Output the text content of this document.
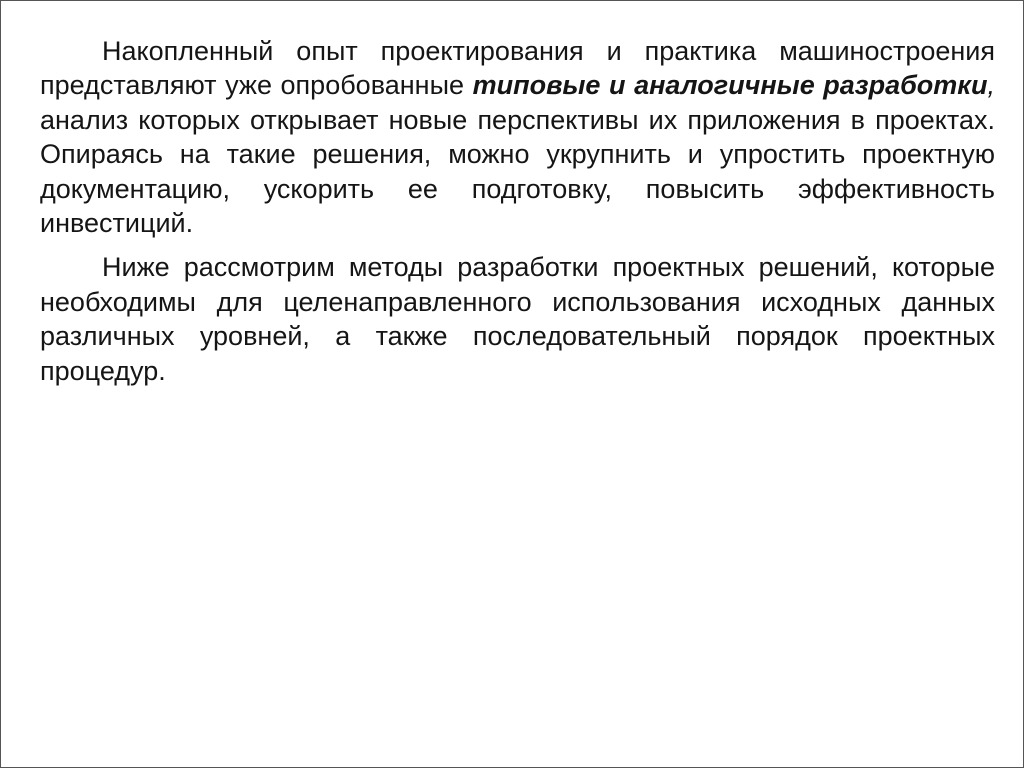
Накопленный опыт проектирования и практика машиностроения представляют уже опробованные типовые и аналогичные разработки, анализ которых открывает новые перспективы их приложения в проектах. Опираясь на такие решения, можно укрупнить и упростить проектную документацию, ускорить ее подготовку, повысить эффективность инвестиций.

Ниже рассмотрим методы разработки проектных решений, которые необходимы для целенаправленного использования исходных данных различных уровней, а также последовательный порядок проектных процедур.
